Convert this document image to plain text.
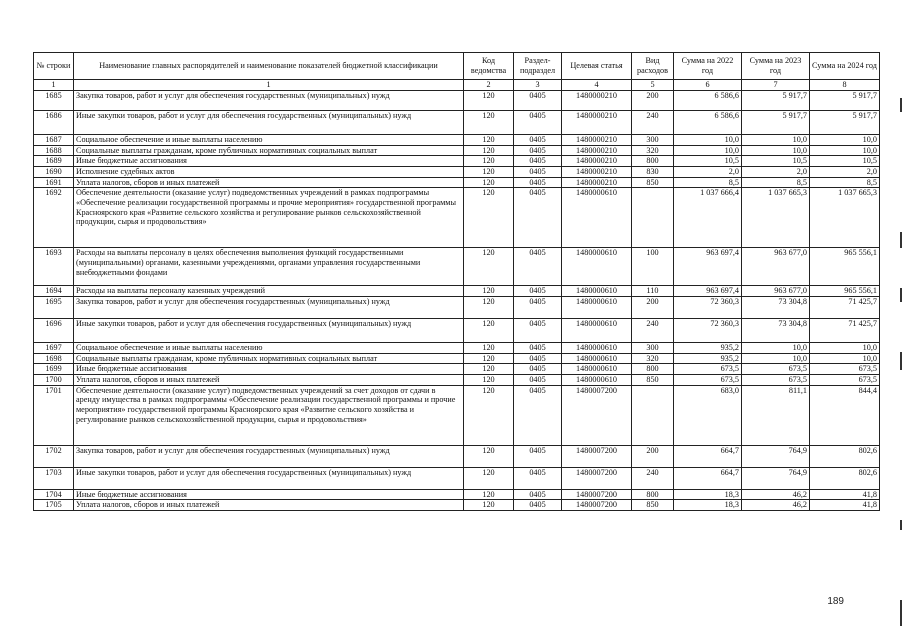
№ строки	Наименование главных распорядителей и наименование показателей бюджетной классификации	Код ведомства	Раздел-подраздел	Целевая статья	Вид расходов	Сумма на 2022 год	Сумма на 2023 год	Сумма на 2024 год
1	1	2	3	4	5	6	7	8
1685	Закупка товаров, работ и услуг для обеспечения государственных (муниципальных) нужд	120	0405	1480000210	200	6 586,6	5 917,7	5 917,7
1686	Иные закупки товаров, работ и услуг для обеспечения государственных (муниципальных) нужд	120	0405	1480000210	240	6 586,6	5 917,7	5 917,7
1687	Социальное обеспечение и иные выплаты населению	120	0405	1480000210	300	10,0	10,0	10,0
1688	Социальные выплаты гражданам, кроме публичных нормативных социальных выплат	120	0405	1480000210	320	10,0	10,0	10,0
1689	Иные бюджетные ассигнования	120	0405	1480000210	800	10,5	10,5	10,5
1690	Исполнение судебных актов	120	0405	1480000210	830	2,0	2,0	2,0
1691	Уплата налогов, сборов и иных платежей	120	0405	1480000210	850	8,5	8,5	8,5
1692	Обеспечение деятельности (оказание услуг) подведомственных учреждений в рамках подпрограммы «Обеспечение реализации государственной программы и прочие мероприятия» государственной программы Красноярского края «Развитие сельского хозяйства и регулирование рынков сельскохозяйственной продукции, сырья и продовольствия»	120	0405	1480000610		1 037 666,4	1 037 665,3	1 037 665,3
1693	Расходы на выплаты персоналу в целях обеспечения выполнения функций государственными (муниципальными) органами, казенными учреждениями, органами управления государственными внебюджетными фондами	120	0405	1480000610	100	963 697,4	963 677,0	965 556,1
1694	Расходы на выплаты персоналу казенных учреждений	120	0405	1480000610	110	963 697,4	963 677,0	965 556,1
1695	Закупка товаров, работ и услуг для обеспечения государственных (муниципальных) нужд	120	0405	1480000610	200	72 360,3	73 304,8	71 425,7
1696	Иные закупки товаров, работ и услуг для обеспечения государственных (муниципальных) нужд	120	0405	1480000610	240	72 360,3	73 304,8	71 425,7
1697	Социальное обеспечение и иные выплаты населению	120	0405	1480000610	300	935,2	10,0	10,0
1698	Социальные выплаты гражданам, кроме публичных нормативных социальных выплат	120	0405	1480000610	320	935,2	10,0	10,0
1699	Иные бюджетные ассигнования	120	0405	1480000610	800	673,5	673,5	673,5
1700	Уплата налогов, сборов и иных платежей	120	0405	1480000610	850	673,5	673,5	673,5
1701	Обеспечение деятельности (оказание услуг) подведомственных учреждений за счет доходов от сдачи в аренду имущества в рамках подпрограммы «Обеспечение реализации государственной программы и прочие мероприятия» государственной программы Красноярского края «Развитие сельского хозяйства и регулирование рынков сельскохозяйственной продукции, сырья и продовольствия»	120	0405	1480007200		683,0	811,1	844,4
1702	Закупка товаров, работ и услуг для обеспечения государственных (муниципальных) нужд	120	0405	1480007200	200	664,7	764,9	802,6
1703	Иные закупки товаров, работ и услуг для обеспечения государственных (муниципальных) нужд	120	0405	1480007200	240	664,7	764,9	802,6
1704	Иные бюджетные ассигнования	120	0405	1480007200	800	18,3	46,2	41,8
1705	Уплата налогов, сборов и иных платежей	120	0405	1480007200	850	18,3	46,2	41,8
189
